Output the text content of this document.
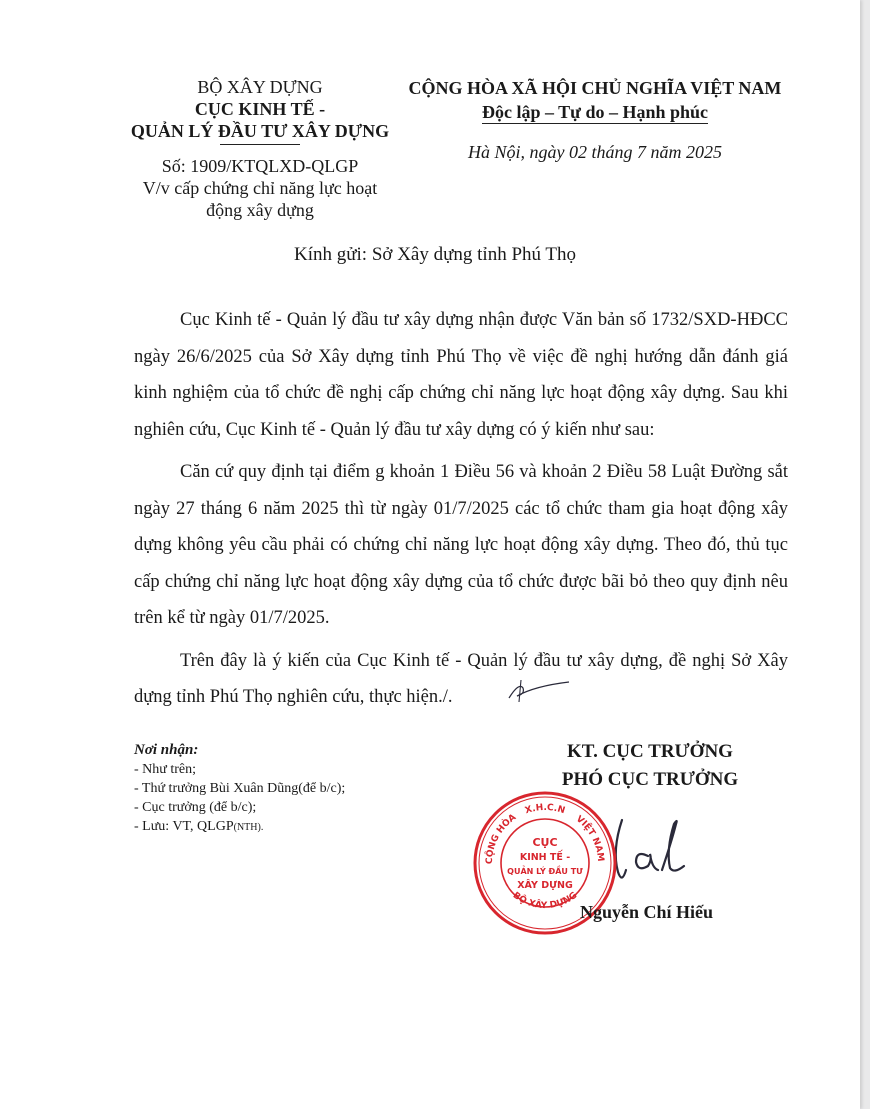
BỘ XÂY DỰNG
CỤC KINH TẾ -
QUẢN LÝ ĐẦU TƯ XÂY DỰNG
Số: 1909/KTQLXD-QLGP
V/v cấp chứng chỉ năng lực hoạt
động xây dựng
CỘNG HÒA XÃ HỘI CHỦ NGHĨA VIỆT NAM
Độc lập – Tự do – Hạnh phúc
Hà Nội, ngày 02 tháng 7 năm 2025
Kính gửi: Sở Xây dựng tỉnh Phú Thọ

Cục Kinh tế - Quản lý đầu tư xây dựng nhận được Văn bản số 1732/SXD-HĐCC ngày 26/6/2025 của Sở Xây dựng tỉnh Phú Thọ về việc đề nghị hướng dẫn đánh giá kinh nghiệm của tổ chức đề nghị cấp chứng chỉ năng lực hoạt động xây dựng. Sau khi nghiên cứu, Cục Kinh tế - Quản lý đầu tư xây dựng có ý kiến như sau:

Căn cứ quy định tại điểm g khoản 1 Điều 56 và khoản 2 Điều 58 Luật Đường sắt ngày 27 tháng 6 năm 2025 thì từ ngày 01/7/2025 các tổ chức tham gia hoạt động xây dựng không yêu cầu phải có chứng chỉ năng lực hoạt động xây dựng. Theo đó, thủ tục cấp chứng chỉ năng lực hoạt động xây dựng của tổ chức được bãi bỏ theo quy định nêu trên kể từ ngày 01/7/2025.

Trên đây là ý kiến của Cục Kinh tế - Quản lý đầu tư xây dựng, đề nghị Sở Xây dựng tỉnh Phú Thọ nghiên cứu, thực hiện./.

Nơi nhận:
- Như trên;
- Thứ trưởng Bùi Xuân Dũng(để b/c);
- Cục trưởng (để b/c);
- Lưu: VT, QLGP(NTH).
KT. CỤC TRƯỞNG
PHÓ CỤC TRƯỞNG
X.H.C.N
CỘNG HÒA	VIỆT NAM
BỘ XÂY DỰNG
CỤC
KINH TẾ -
QUẢN LÝ ĐẦU TƯ
XÂY DỰNG
Nguyễn Chí Hiếu
